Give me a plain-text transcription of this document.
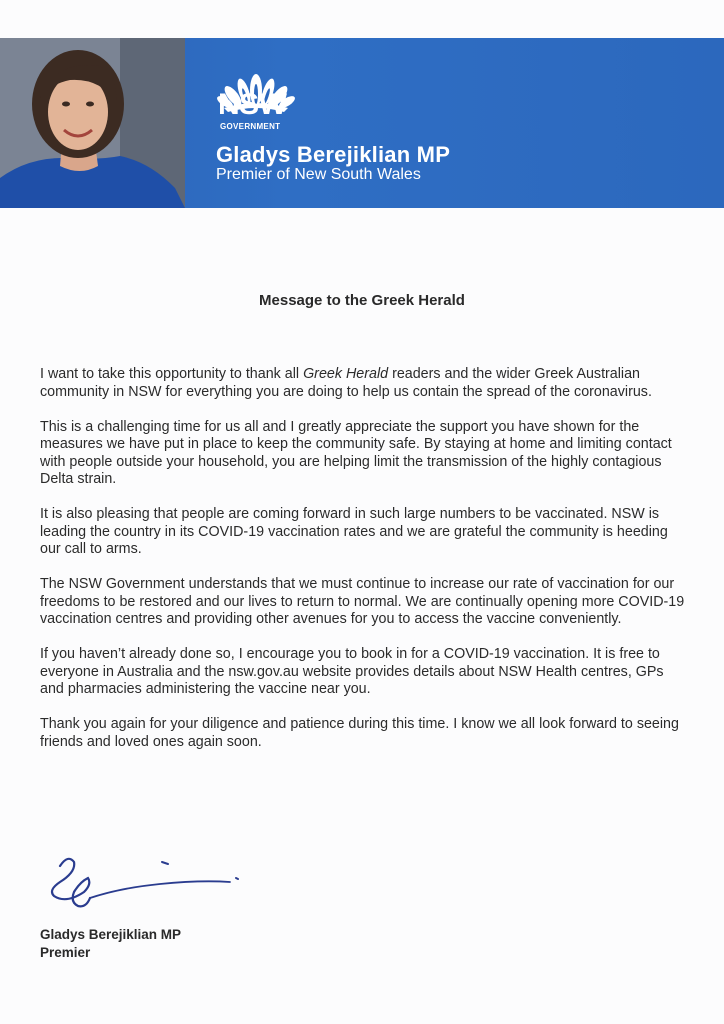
NSW
GOVERNMENT
Gladys Berejiklian MP
Premier of New South Wales
Message to the Greek Herald

I want to take this opportunity to thank all Greek Herald readers and the wider Greek Australian community in NSW for everything you are doing to help us contain the spread of the coronavirus.

This is a challenging time for us all and I greatly appreciate the support you have shown for the measures we have put in place to keep the community safe. By staying at home and limiting contact with people outside your household, you are helping limit the transmission of the highly contagious Delta strain.

It is also pleasing that people are coming forward in such large numbers to be vaccinated. NSW is leading the country in its COVID-19 vaccination rates and we are grateful the community is heeding our call to arms.

The NSW Government understands that we must continue to increase our rate of vaccination for our freedoms to be restored and our lives to return to normal. We are continually opening more COVID-19 vaccination centres and providing other avenues for you to access the vaccine conveniently.

If you haven’t already done so, I encourage you to book in for a COVID-19 vaccination. It is free to everyone in Australia and the nsw.gov.au website provides details about NSW Health centres, GPs and pharmacies administering the vaccine near you.

Thank you again for your diligence and patience during this time. I know we all look forward to seeing friends and loved ones again soon.

Gladys Berejiklian MP
Premier
